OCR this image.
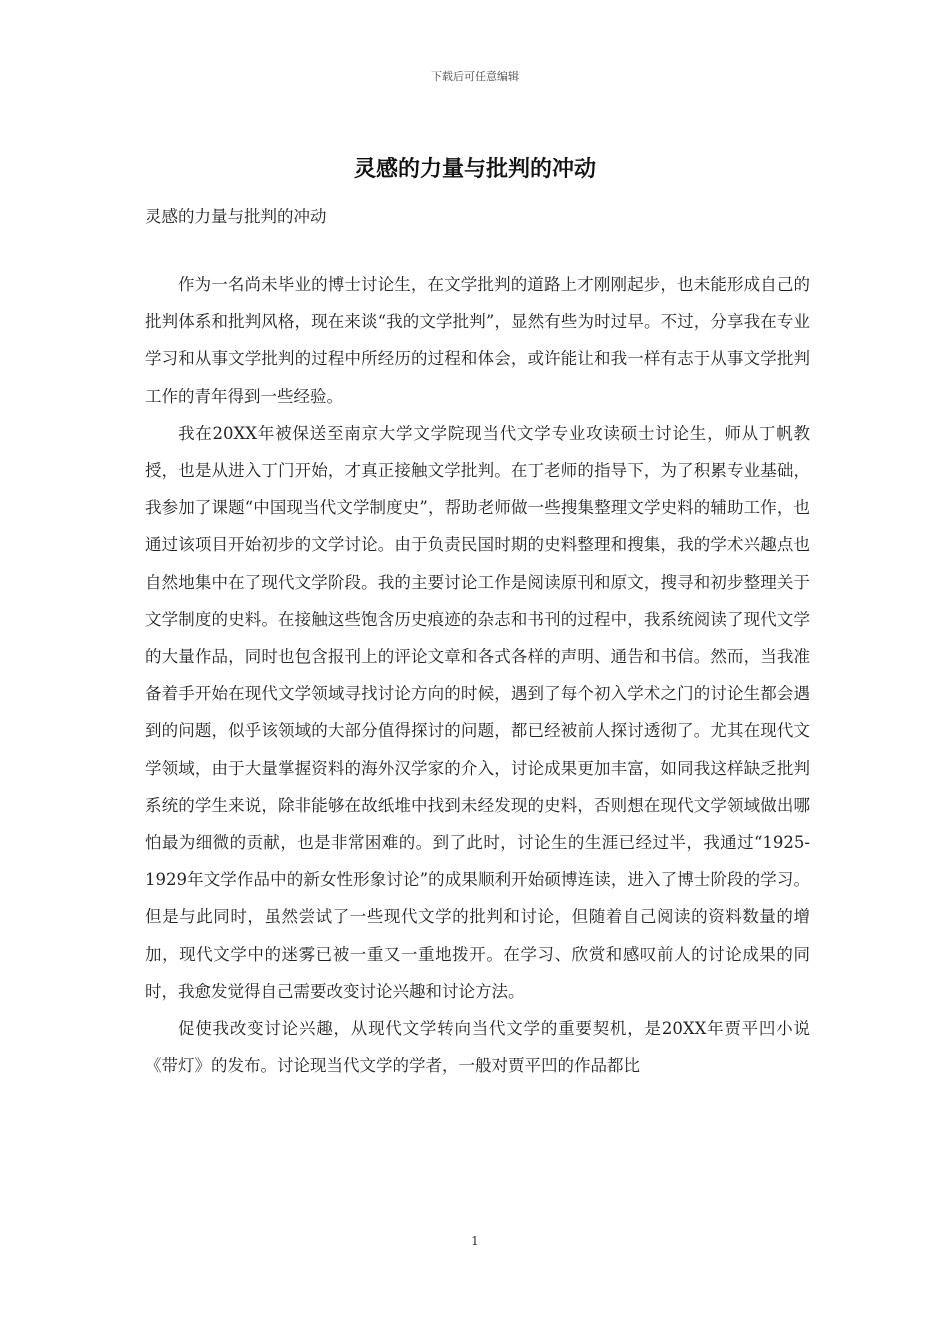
下载后可任意编辑
灵感的力量与批判的冲动
灵感的力量与批判的冲动

作为一名尚未毕业的博士讨论生，在文学批判的道路上才刚刚起步，也未能形成自己的批判体系和批判风格，现在来谈“我的文学批判”，显然有些为时过早。不过，分享我在专业学习和从事文学批判的过程中所经历的过程和体会，或许能让和我一样有志于从事文学批判工作的青年得到一些经验。

我在20XX年被保送至南京大学文学院现当代文学专业攻读硕士讨论生，师从丁帆教授，也是从进入丁门开始，才真正接触文学批判。在丁老师的指导下，为了积累专业基础，我参加了课题“中国现当代文学制度史”，帮助老师做一些搜集整理文学史料的辅助工作，也通过该项目开始初步的文学讨论。由于负责民国时期的史料整理和搜集，我的学术兴趣点也自然地集中在了现代文学阶段。我的主要讨论工作是阅读原刊和原文，搜寻和初步整理关于文学制度的史料。在接触这些饱含历史痕迹的杂志和书刊的过程中，我系统阅读了现代文学的大量作品，同时也包含报刊上的评论文章和各式各样的声明、通告和书信。然而，当我准备着手开始在现代文学领域寻找讨论方向的时候，遇到了每个初入学术之门的讨论生都会遇到的问题，似乎该领域的大部分值得探讨的问题，都已经被前人探讨透彻了。尤其在现代文学领域，由于大量掌握资料的海外汉学家的介入，讨论成果更加丰富，如同我这样缺乏批判系统的学生来说，除非能够在故纸堆中找到未经发现的史料，否则想在现代文学领域做出哪怕最为细微的贡献，也是非常困难的。到了此时，讨论生的生涯已经过半，我通过“1925-1929年文学作品中的新女性形象讨论”的成果顺利开始硕博连读，进入了博士阶段的学习。但是与此同时，虽然尝试了一些现代文学的批判和讨论，但随着自己阅读的资料数量的增加，现代文学中的迷雾已被一重又一重地拨开。在学习、欣赏和感叹前人的讨论成果的同时，我愈发觉得自己需要改变讨论兴趣和讨论方法。

促使我改变讨论兴趣，从现代文学转向当代文学的重要契机，是20XX年贾平凹小说《带灯》的发布。讨论现当代文学的学者，一般对贾平凹的作品都比

1
